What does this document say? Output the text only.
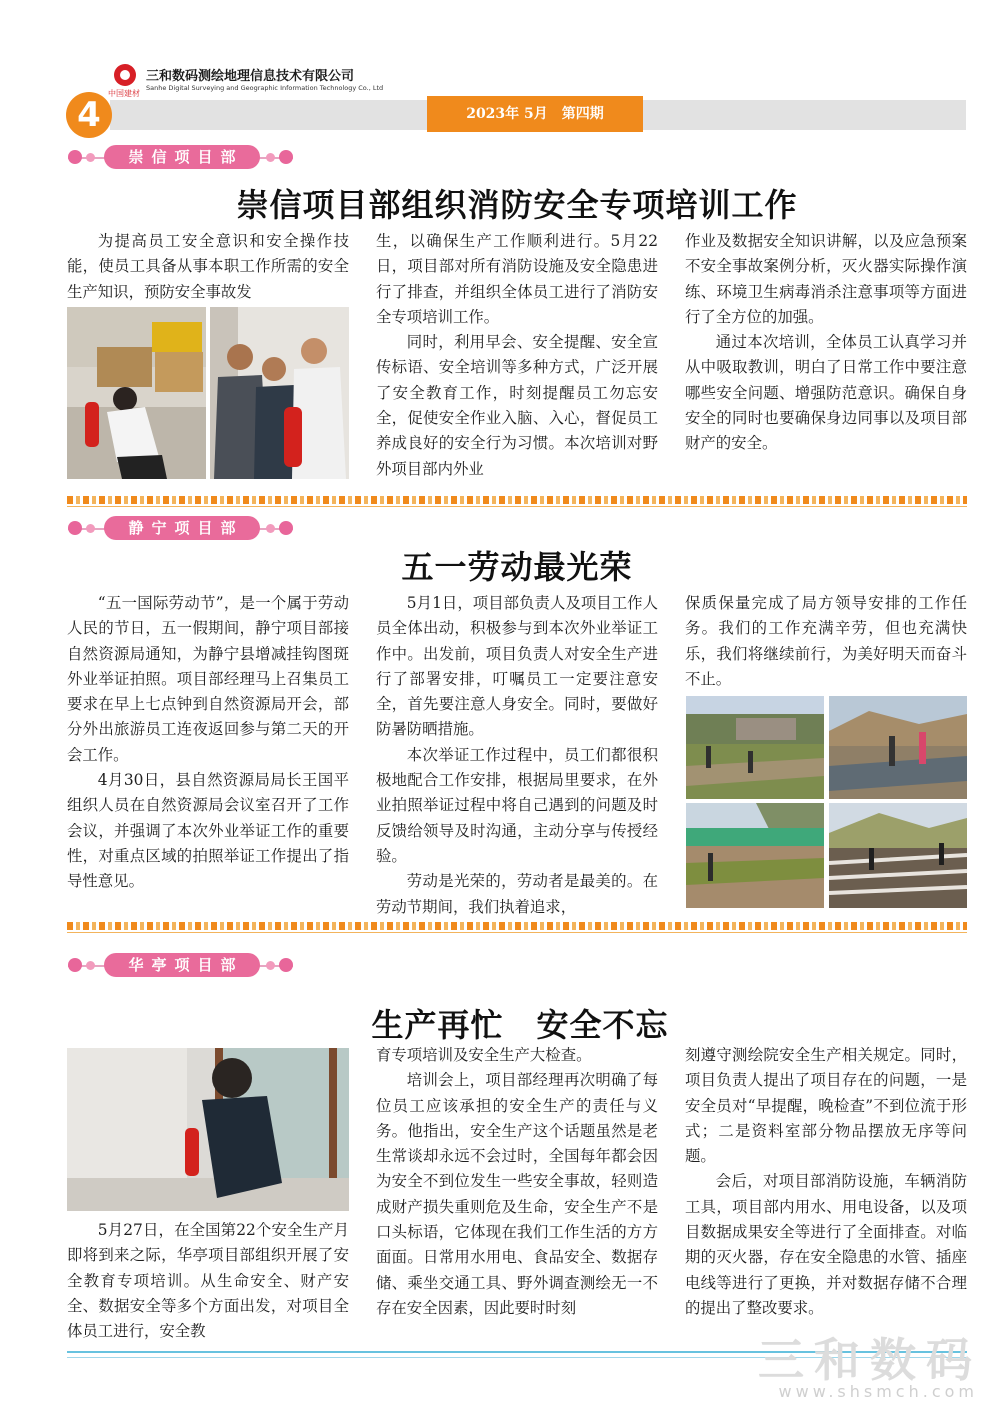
中国建材
三和数码测绘地理信息技术有限公司
Sanhe Digital Surveying and Geographic Information Technology Co., Ltd
4	2023年 5月　第四期
崇信项目部
崇信项目部组织消防安全专项培训工作

为提高员工安全意识和安全操作技能，使员工具备从事本职工作所需的安全生产知识，预防安全事故发

生，以确保生产工作顺利进行。5月22日，项目部对所有消防设施及安全隐患进行了排查，并组织全体员工进行了消防安全专项培训工作。

同时，利用早会、安全提醒、安全宣传标语、安全培训等多种方式，广泛开展了安全教育工作，时刻提醒员工勿忘安全，促使安全作业入脑、入心，督促员工养成良好的安全行为习惯。本次培训对野外项目部内外业

作业及数据安全知识讲解，以及应急预案不安全事故案例分析，灭火器实际操作演练、环境卫生病毒消杀注意事项等方面进行了全方位的加强。

通过本次培训，全体员工认真学习并从中吸取教训，明白了日常工作中要注意哪些安全问题、增强防范意识。确保自身安全的同时也要确保身边同事以及项目部财产的安全。

静宁项目部
五一劳动最光荣

“五一国际劳动节”，是一个属于劳动人民的节日，五一假期间，静宁项目部接自然资源局通知，为静宁县增减挂钩图斑外业举证拍照。项目部经理马上召集员工要求在早上七点钟到自然资源局开会，部分外出旅游员工连夜返回参与第二天的开会工作。

4月30日，县自然资源局局长王国平组织人员在自然资源局会议室召开了工作会议，并强调了本次外业举证工作的重要性，对重点区域的拍照举证工作提出了指导性意见。

5月1日，项目部负责人及项目工作人员全体出动，积极参与到本次外业举证工作中。出发前，项目负责人对安全生产进行了部署安排，叮嘱员工一定要注意安全，首先要注意人身安全。同时，要做好防暑防晒措施。

本次举证工作过程中，员工们都很积极地配合工作安排，根据局里要求，在外业拍照举证过程中将自己遇到的问题及时反馈给领导及时沟通，主动分享与传授经验。

劳动是光荣的，劳动者是最美的。在劳动节期间，我们执着追求，

保质保量完成了局方领导安排的工作任务。我们的工作充满辛劳，但也充满快乐，我们将继续前行，为美好明天而奋斗不止。

华亭项目部
生产再忙　安全不忘

5月27日，在全国第22个安全生产月即将到来之际，华亭项目部组织开展了安全教育专项培训。从生命安全、财产安全、数据安全等多个方面出发，对项目全体员工进行，安全教

育专项培训及安全生产大检查。

培训会上，项目部经理再次明确了每位员工应该承担的安全生产的责任与义务。他指出，安全生产这个话题虽然是老生常谈却永远不会过时，全国每年都会因为安全不到位发生一些安全事故，轻则造成财产损失重则危及生命，安全生产不是口头标语，它体现在我们工作生活的方方面面。日常用水用电、食品安全、数据存储、乘坐交通工具、野外调查测绘无一不存在安全因素，因此要时时刻

刻遵守测绘院安全生产相关规定。同时，项目负责人提出了项目存在的问题，一是安全员对“早提醒，晚检查”不到位流于形式；二是资料室部分物品摆放无序等问题。

会后，对项目部消防设施，车辆消防工具，项目部内用水、用电设备，以及项目数据成果安全等进行了全面排查。对临期的灭火器，存在安全隐患的水管、插座电线等进行了更换，并对数据存储不合理的提出了整改要求。

三和数码
www.shsmch.com
